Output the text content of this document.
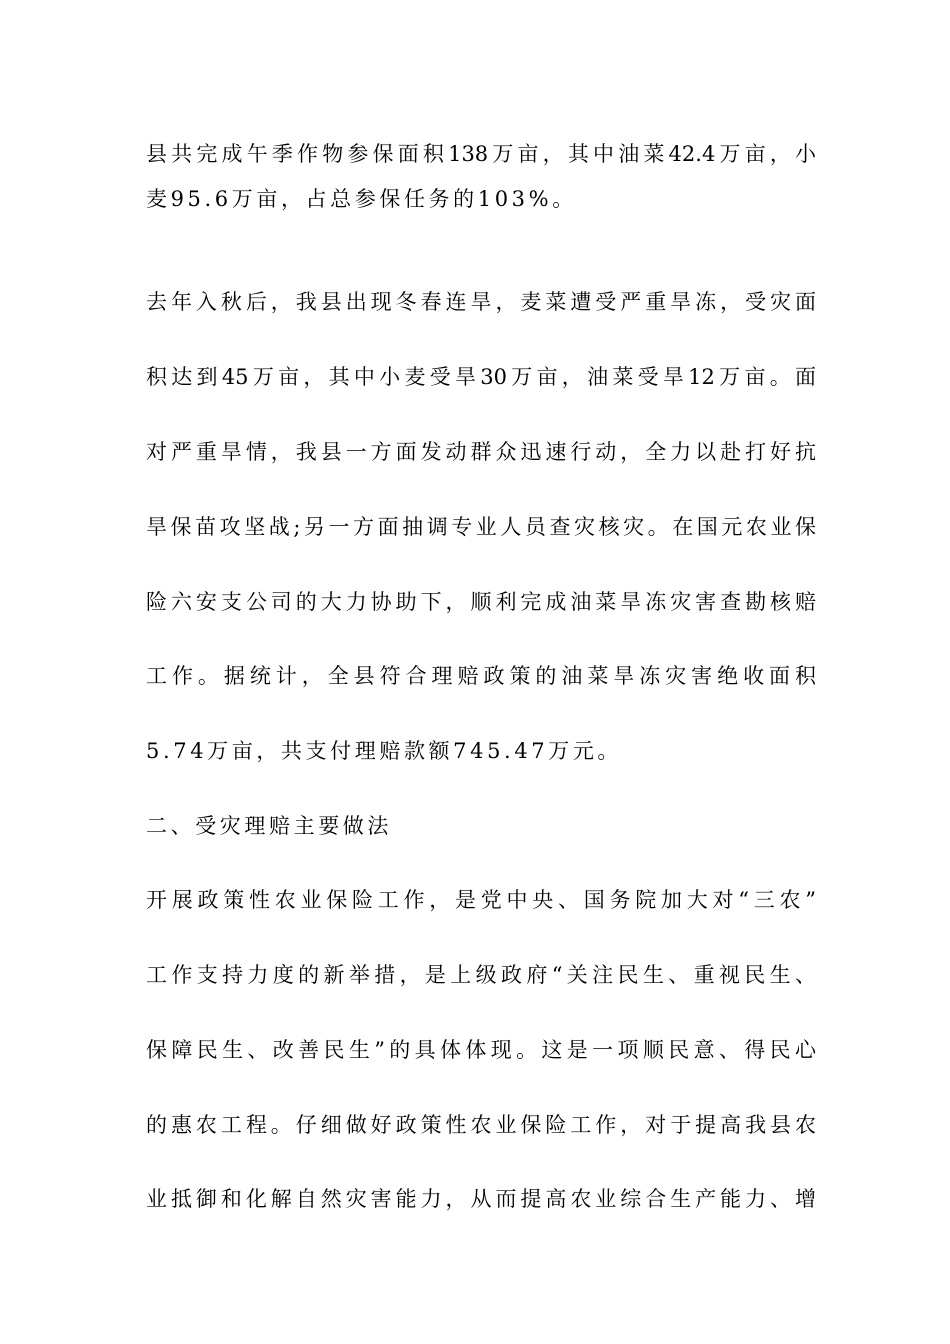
县共完成午季作物参保面积138万亩，其中油菜42.4万亩，小
麦95.6万亩，占总参保任务的103%。
去年入秋后，我县出现冬春连旱，麦菜遭受严重旱冻，受灾面
积达到45万亩，其中小麦受旱30万亩，油菜受旱12万亩。面
对严重旱情，我县一方面发动群众迅速行动，全力以赴打好抗
旱保苗攻坚战;另一方面抽调专业人员查灾核灾。在国元农业保
险六安支公司的大力协助下，顺利完成油菜旱冻灾害查勘核赔
工作。据统计，全县符合理赔政策的油菜旱冻灾害绝收面积
5.74万亩，共支付理赔款额745.47万元。
二、受灾理赔主要做法
开展政策性农业保险工作，是党中央、国务院加大对“三农”
工作支持力度的新举措，是上级政府“关注民生、重视民生、
保障民生、改善民生”的具体体现。这是一项顺民意、得民心
的惠农工程。仔细做好政策性农业保险工作，对于提高我县农
业抵御和化解自然灾害能力，从而提高农业综合生产能力、增
